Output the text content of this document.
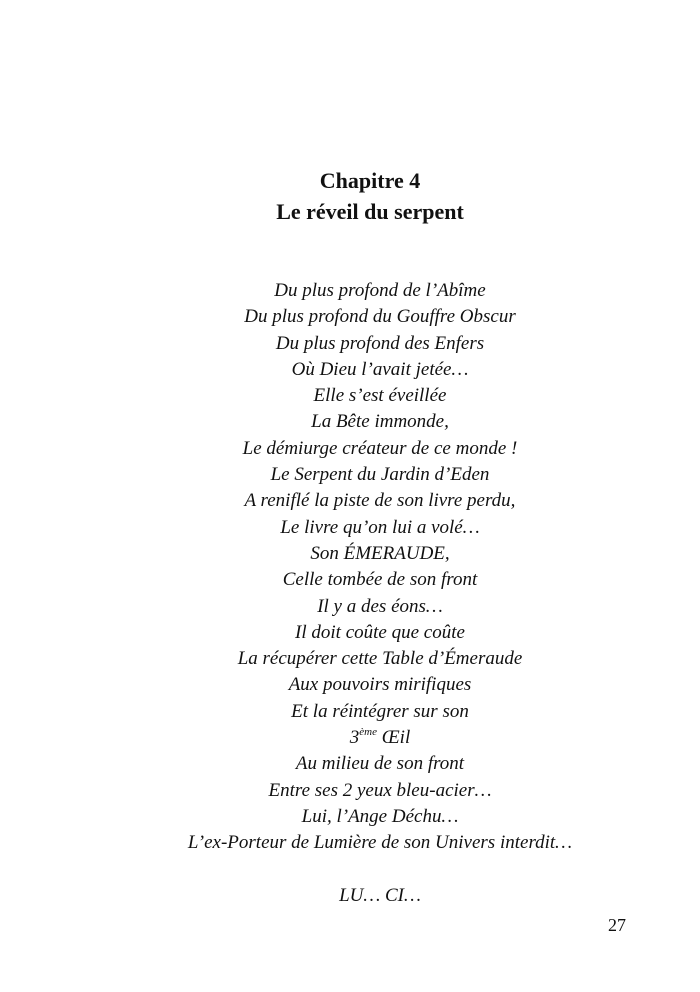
Chapitre 4
Le réveil du serpent
Du plus profond de l’Abîme
Du plus profond du Gouffre Obscur
Du plus profond des Enfers
Où Dieu l’avait jetée…
Elle s’est éveillée
La Bête immonde,
Le démiurge créateur de ce monde !
Le Serpent du Jardin d’Eden
A reniflé la piste de son livre perdu,
Le livre qu’on lui a volé…
Son ÉMERAUDE,
Celle tombée de son front
Il y a des éons…
Il doit coûte que coûte
La récupérer cette Table d’Émeraude
Aux pouvoirs mirifiques
Et la réintégrer sur son
3ème Œil
Au milieu de son front
Entre ses 2 yeux bleu-acier…
Lui, l’Ange Déchu…
L’ex-Porteur de Lumière de son Univers interdit…
LU… CI…
27
